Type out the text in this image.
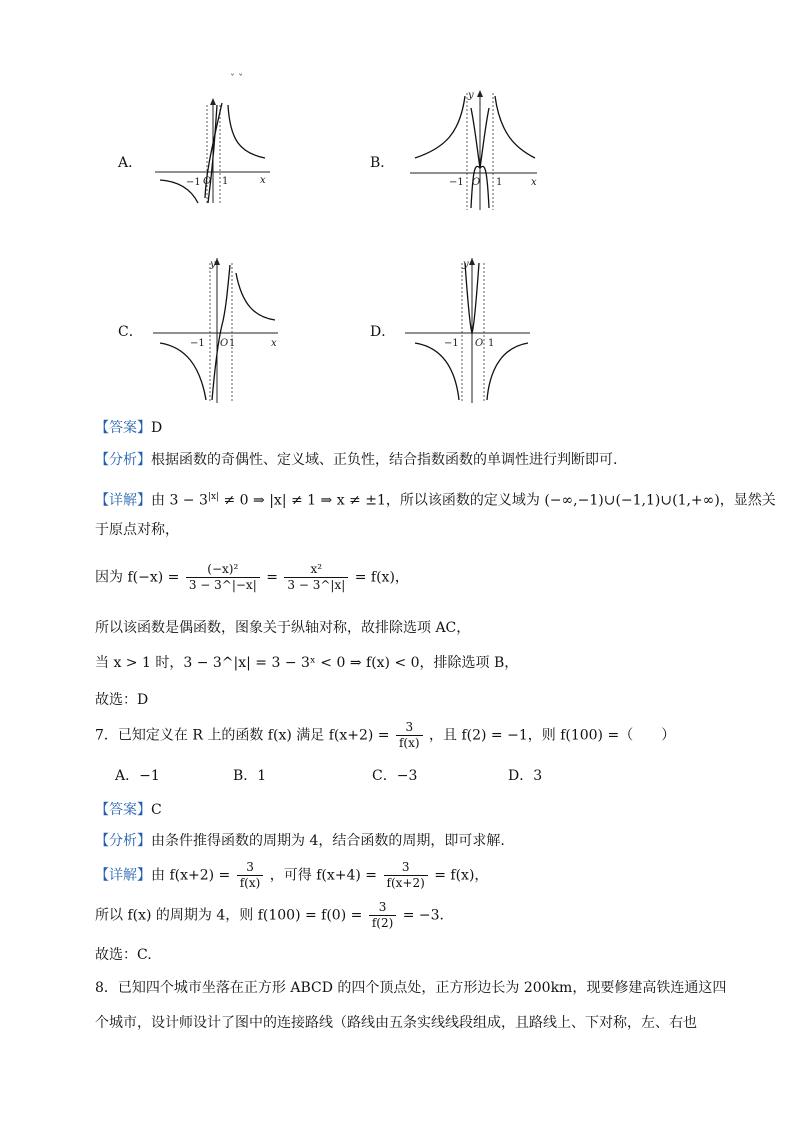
ˇ ˇ
A．
−1 O 1	x
B．
y
−1 O 1	x
C．
y
−1 O 1	x
D．
y
−1 O 1
【答案】D
【分析】根据函数的奇偶性、定义域、正负性，结合指数函数的单调性进行判断即可.
【详解】由 $3 - 3^{|x|} \ne 0$ ⇒ |x| ≠ 1 ⇒ x ≠ ±1，所以该函数的定义域为 (−∞,−1)∪(−1,1)∪(1,+∞)，显然关
于原点对称，
因为 $f(-x) = \frac{\text{(−x)²}}{3 - 3\^{}|-x|} = \frac{\text{x²}}{3 - 3\^{}|x|} = f(x)$，
所以该函数是偶函数，图象关于纵轴对称，故排除选项 AC，
当 x > 1 时，3 − 3^|x| = 3 − 3ˣ < 0 ⇒ f(x) < 0，排除选项 B，
故选：D
7．已知定义在 R 上的函数 f(x) 满足 $f(x+2) = \frac{3}{f(x)}$ ，且 f(2) = −1，则 f(100) =（　　）
A．−1	B．1	C．−3	D．3
【答案】C
【分析】由条件推得函数的周期为 4，结合函数的周期，即可求解.
【详解】由 $f(x+2) = \frac{3}{f(x)}$ ，可得 $f(x+4) = \frac{3}{f(x+2)} = f(x)$，
所以 f(x) 的周期为 4，则 $f(100) = f(0) = \frac{3}{f(2)} = -3$．
故选：C.
8．已知四个城市坐落在正方形 ABCD 的四个顶点处，正方形边长为 200km，现要修建高铁连通这四
个城市，设计师设计了图中的连接路线（路线由五条实线线段组成，且路线上、下对称，左、右也
